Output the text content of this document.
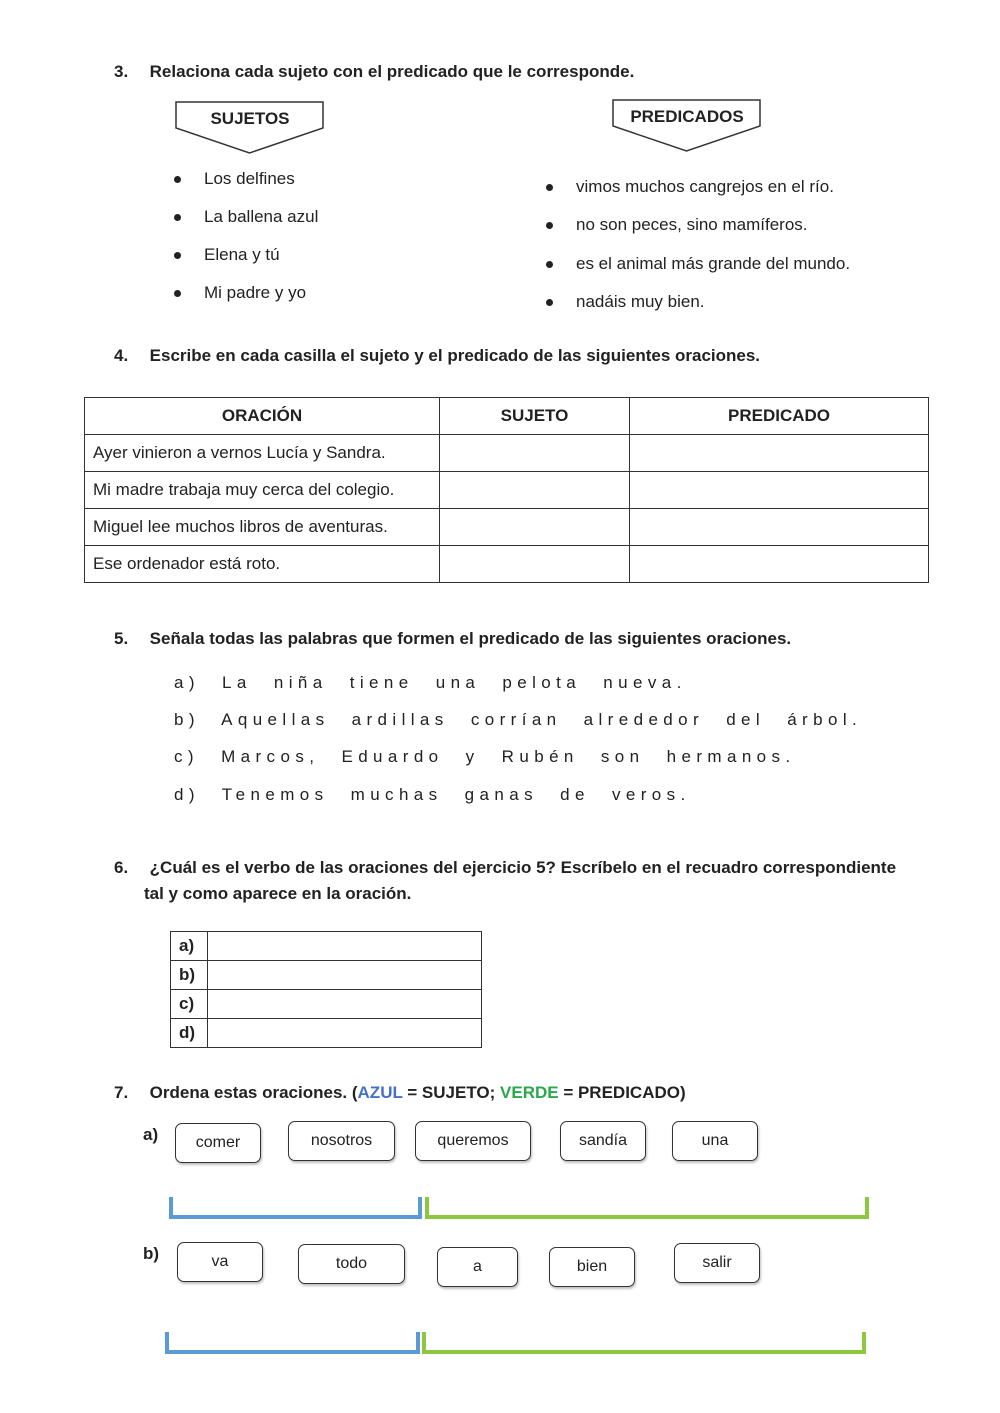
3. Relaciona cada sujeto con el predicado que le corresponde.
SUJETOS	PREDICADOS
Los delfines
La ballena azul
Elena y tú
Mi padre y yo
vimos muchos cangrejos en el río.
no son peces, sino mamíferos.
es el animal más grande del mundo.
nadáis muy bien.
4. Escribe en cada casilla el sujeto y el predicado de las siguientes oraciones.
ORACIÓN	SUJETO	PREDICADO
Ayer vinieron a vernos Lucía y Sandra.		
Mi madre trabaja muy cerca del colegio.		
Miguel lee muchos libros de aventuras.		
Ese ordenador está roto.		
5. Señala todas las palabras que formen el predicado de las siguientes oraciones.
a) La niña tiene una pelota nueva.
b) Aquellas ardillas corrían alrededor del árbol.
c) Marcos, Eduardo y Rubén son hermanos.
d) Tenemos muchas ganas de veros.
6. ¿Cuál es el verbo de las oraciones del ejercicio 5? Escríbelo en el recuadro correspondiente
tal y como aparece en la oración.
a)	
b)	
c)	
d)	
7. Ordena estas oraciones. (AZUL = SUJETO; VERDE = PREDICADO)
a)	comer	nosotros	queremos	sandía	una
b)	va	todo	a	bien	salir
